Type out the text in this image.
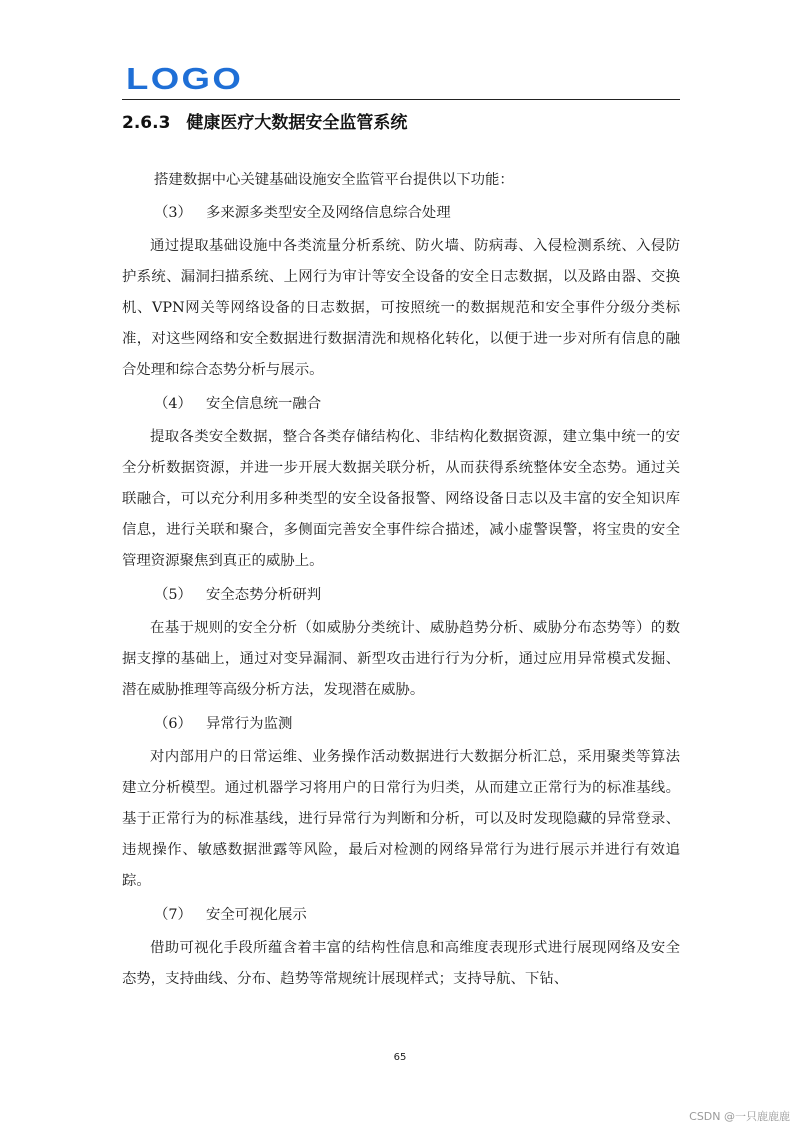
LOGO
2.6.3 健康医疗大数据安全监管系统

搭建数据中心关键基础设施安全监管平台提供以下功能：

（3） 多来源多类型安全及网络信息综合处理

通过提取基础设施中各类流量分析系统、防火墙、防病毒、入侵检测系统、入侵防护系统、漏洞扫描系统、上网行为审计等安全设备的安全日志数据，以及路由器、交换机、VPN网关等网络设备的日志数据，可按照统一的数据规范和安全事件分级分类标准，对这些网络和安全数据进行数据清洗和规格化转化，以便于进一步对所有信息的融合处理和综合态势分析与展示。

（4） 安全信息统一融合

提取各类安全数据，整合各类存储结构化、非结构化数据资源，建立集中统一的安全分析数据资源，并进一步开展大数据关联分析，从而获得系统整体安全态势。通过关联融合，可以充分利用多种类型的安全设备报警、网络设备日志以及丰富的安全知识库信息，进行关联和聚合，多侧面完善安全事件综合描述，减小虚警误警，将宝贵的安全管理资源聚焦到真正的威胁上。

（5） 安全态势分析研判

在基于规则的安全分析（如威胁分类统计、威胁趋势分析、威胁分布态势等）的数据支撑的基础上，通过对变异漏洞、新型攻击进行行为分析，通过应用异常模式发掘、潜在威胁推理等高级分析方法，发现潜在威胁。

（6） 异常行为监测

对内部用户的日常运维、业务操作活动数据进行大数据分析汇总，采用聚类等算法建立分析模型。通过机器学习将用户的日常行为归类，从而建立正常行为的标准基线。基于正常行为的标准基线，进行异常行为判断和分析，可以及时发现隐藏的异常登录、违规操作、敏感数据泄露等风险，最后对检测的网络异常行为进行展示并进行有效追踪。

（7） 安全可视化展示

借助可视化手段所蕴含着丰富的结构性信息和高维度表现形式进行展现网络及安全态势，支持曲线、分布、趋势等常规统计展现样式；支持导航、下钻、

65
CSDN @一只鹿鹿鹿
